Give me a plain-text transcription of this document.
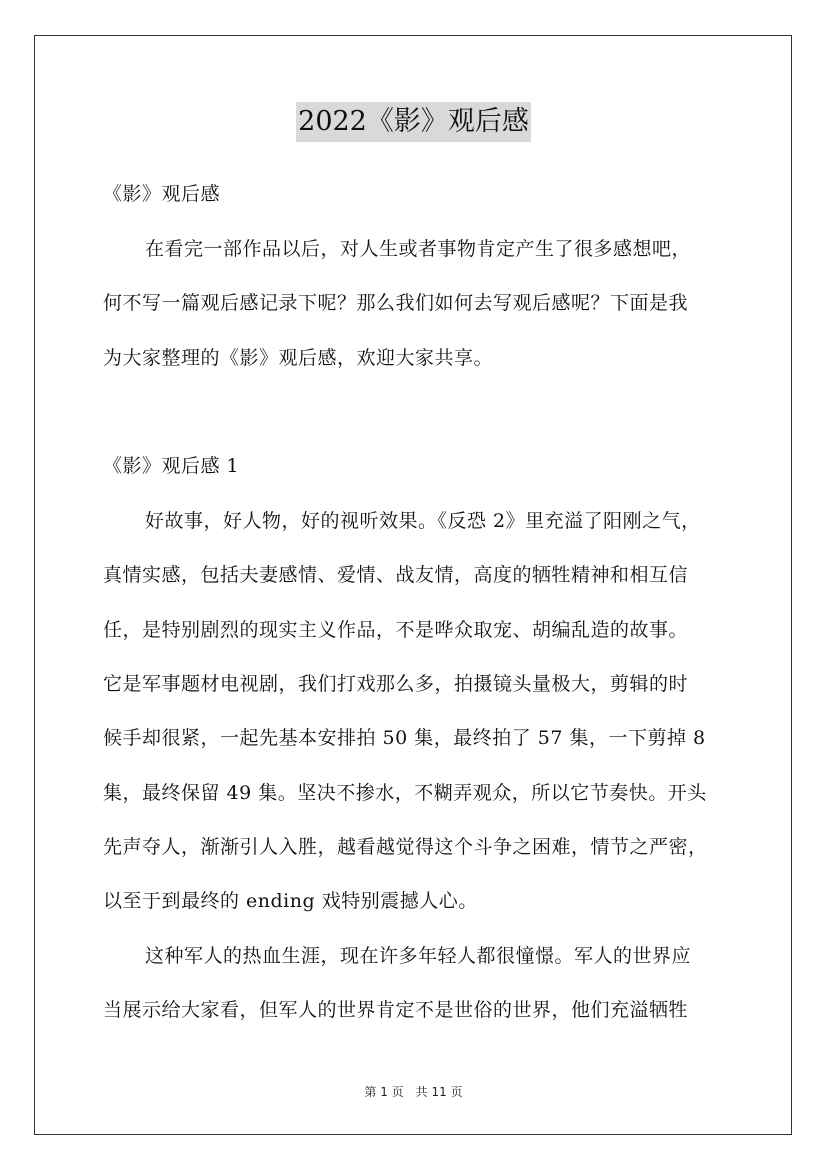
2022《影》观后感
《影》观后感
在看完一部作品以后，对人生或者事物肯定产生了很多感想吧，
何不写一篇观后感记录下呢？那么我们如何去写观后感呢？下面是我
为大家整理的《影》观后感，欢迎大家共享。
《影》观后感 1
好故事，好人物，好的视听效果。《反恐 2》里充溢了阳刚之气，
真情实感，包括夫妻感情、爱情、战友情，高度的牺牲精神和相互信
任，是特别剧烈的现实主义作品，不是哗众取宠、胡编乱造的故事。
它是军事题材电视剧，我们打戏那么多，拍摄镜头量极大，剪辑的时
候手却很紧，一起先基本安排拍 50 集，最终拍了 57 集，一下剪掉 8
集，最终保留 49 集。坚决不掺水，不糊弄观众，所以它节奏快。开头
先声夺人，渐渐引人入胜，越看越觉得这个斗争之困难，情节之严密，
以至于到最终的 ending 戏特别震撼人心。
这种军人的热血生涯，现在许多年轻人都很憧憬。军人的世界应
当展示给大家看，但军人的世界肯定不是世俗的世界，他们充溢牺牲
第 1 页　共 11 页
